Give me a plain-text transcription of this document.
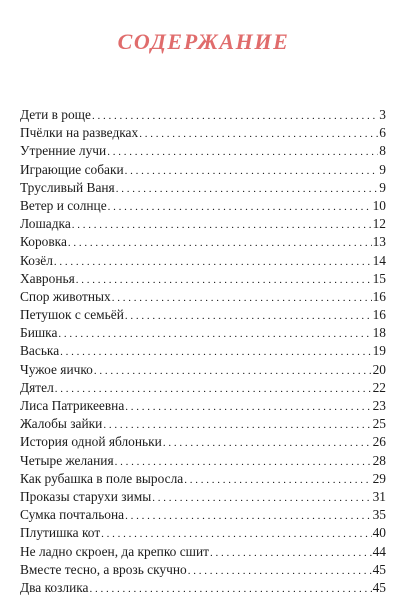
СОДЕРЖАНИЕ
Дети в роще . . .	3
Пчёлки на разведках . . .	6
Утренние лучи . . .	8
Играющие собаки . . .	9
Трусливый Ваня . . .	9
Ветер и солнце . . .	10
Лошадка . . .	12
Коровка . . .	13
Козёл . . .	14
Хавронья . . .	15
Спор животных . . .	16
Петушок с семьёй . . .	16
Бишка . . .	18
Васька . . .	19
Чужое яичко . . .	20
Дятел . . .	22
Лиса Патрикеевна . . .	23
Жалобы зайки . . .	25
История одной яблоньки . . .	26
Четыре желания . . .	28
Как рубашка в поле выросла . . .	29
Проказы старухи зимы . . .	31
Сумка почтальона . . .	35
Плутишка кот . . .	40
Не ладно скроен, да крепко сшит . . .	44
Вместе тесно, а врозь скучно . . .	45
Два козлика . . .	45
